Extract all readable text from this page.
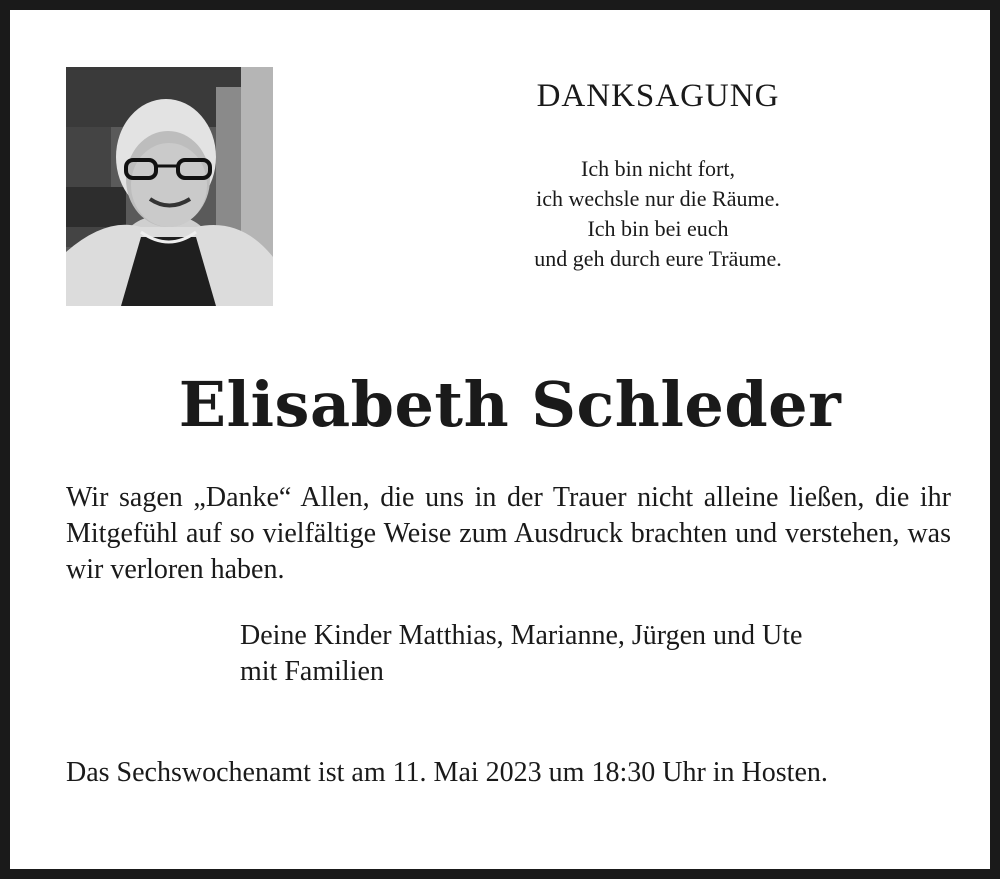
DANKSAGUNG
Ich bin nicht fort,
ich wechsle nur die Räume.
Ich bin bei euch
und geh durch eure Träume.
Elisabeth Schleder
Wir sagen „Danke“ Allen, die uns in der Trauer nicht alleine ließen, die ihr Mitgefühl auf so vielfältige Weise zum Ausdruck brachten und verstehen, was wir verloren haben.
Deine Kinder Matthias, Marianne, Jürgen und Ute
mit Familien
Das Sechswochenamt ist am 11. Mai 2023 um 18:30 Uhr in Hosten.
